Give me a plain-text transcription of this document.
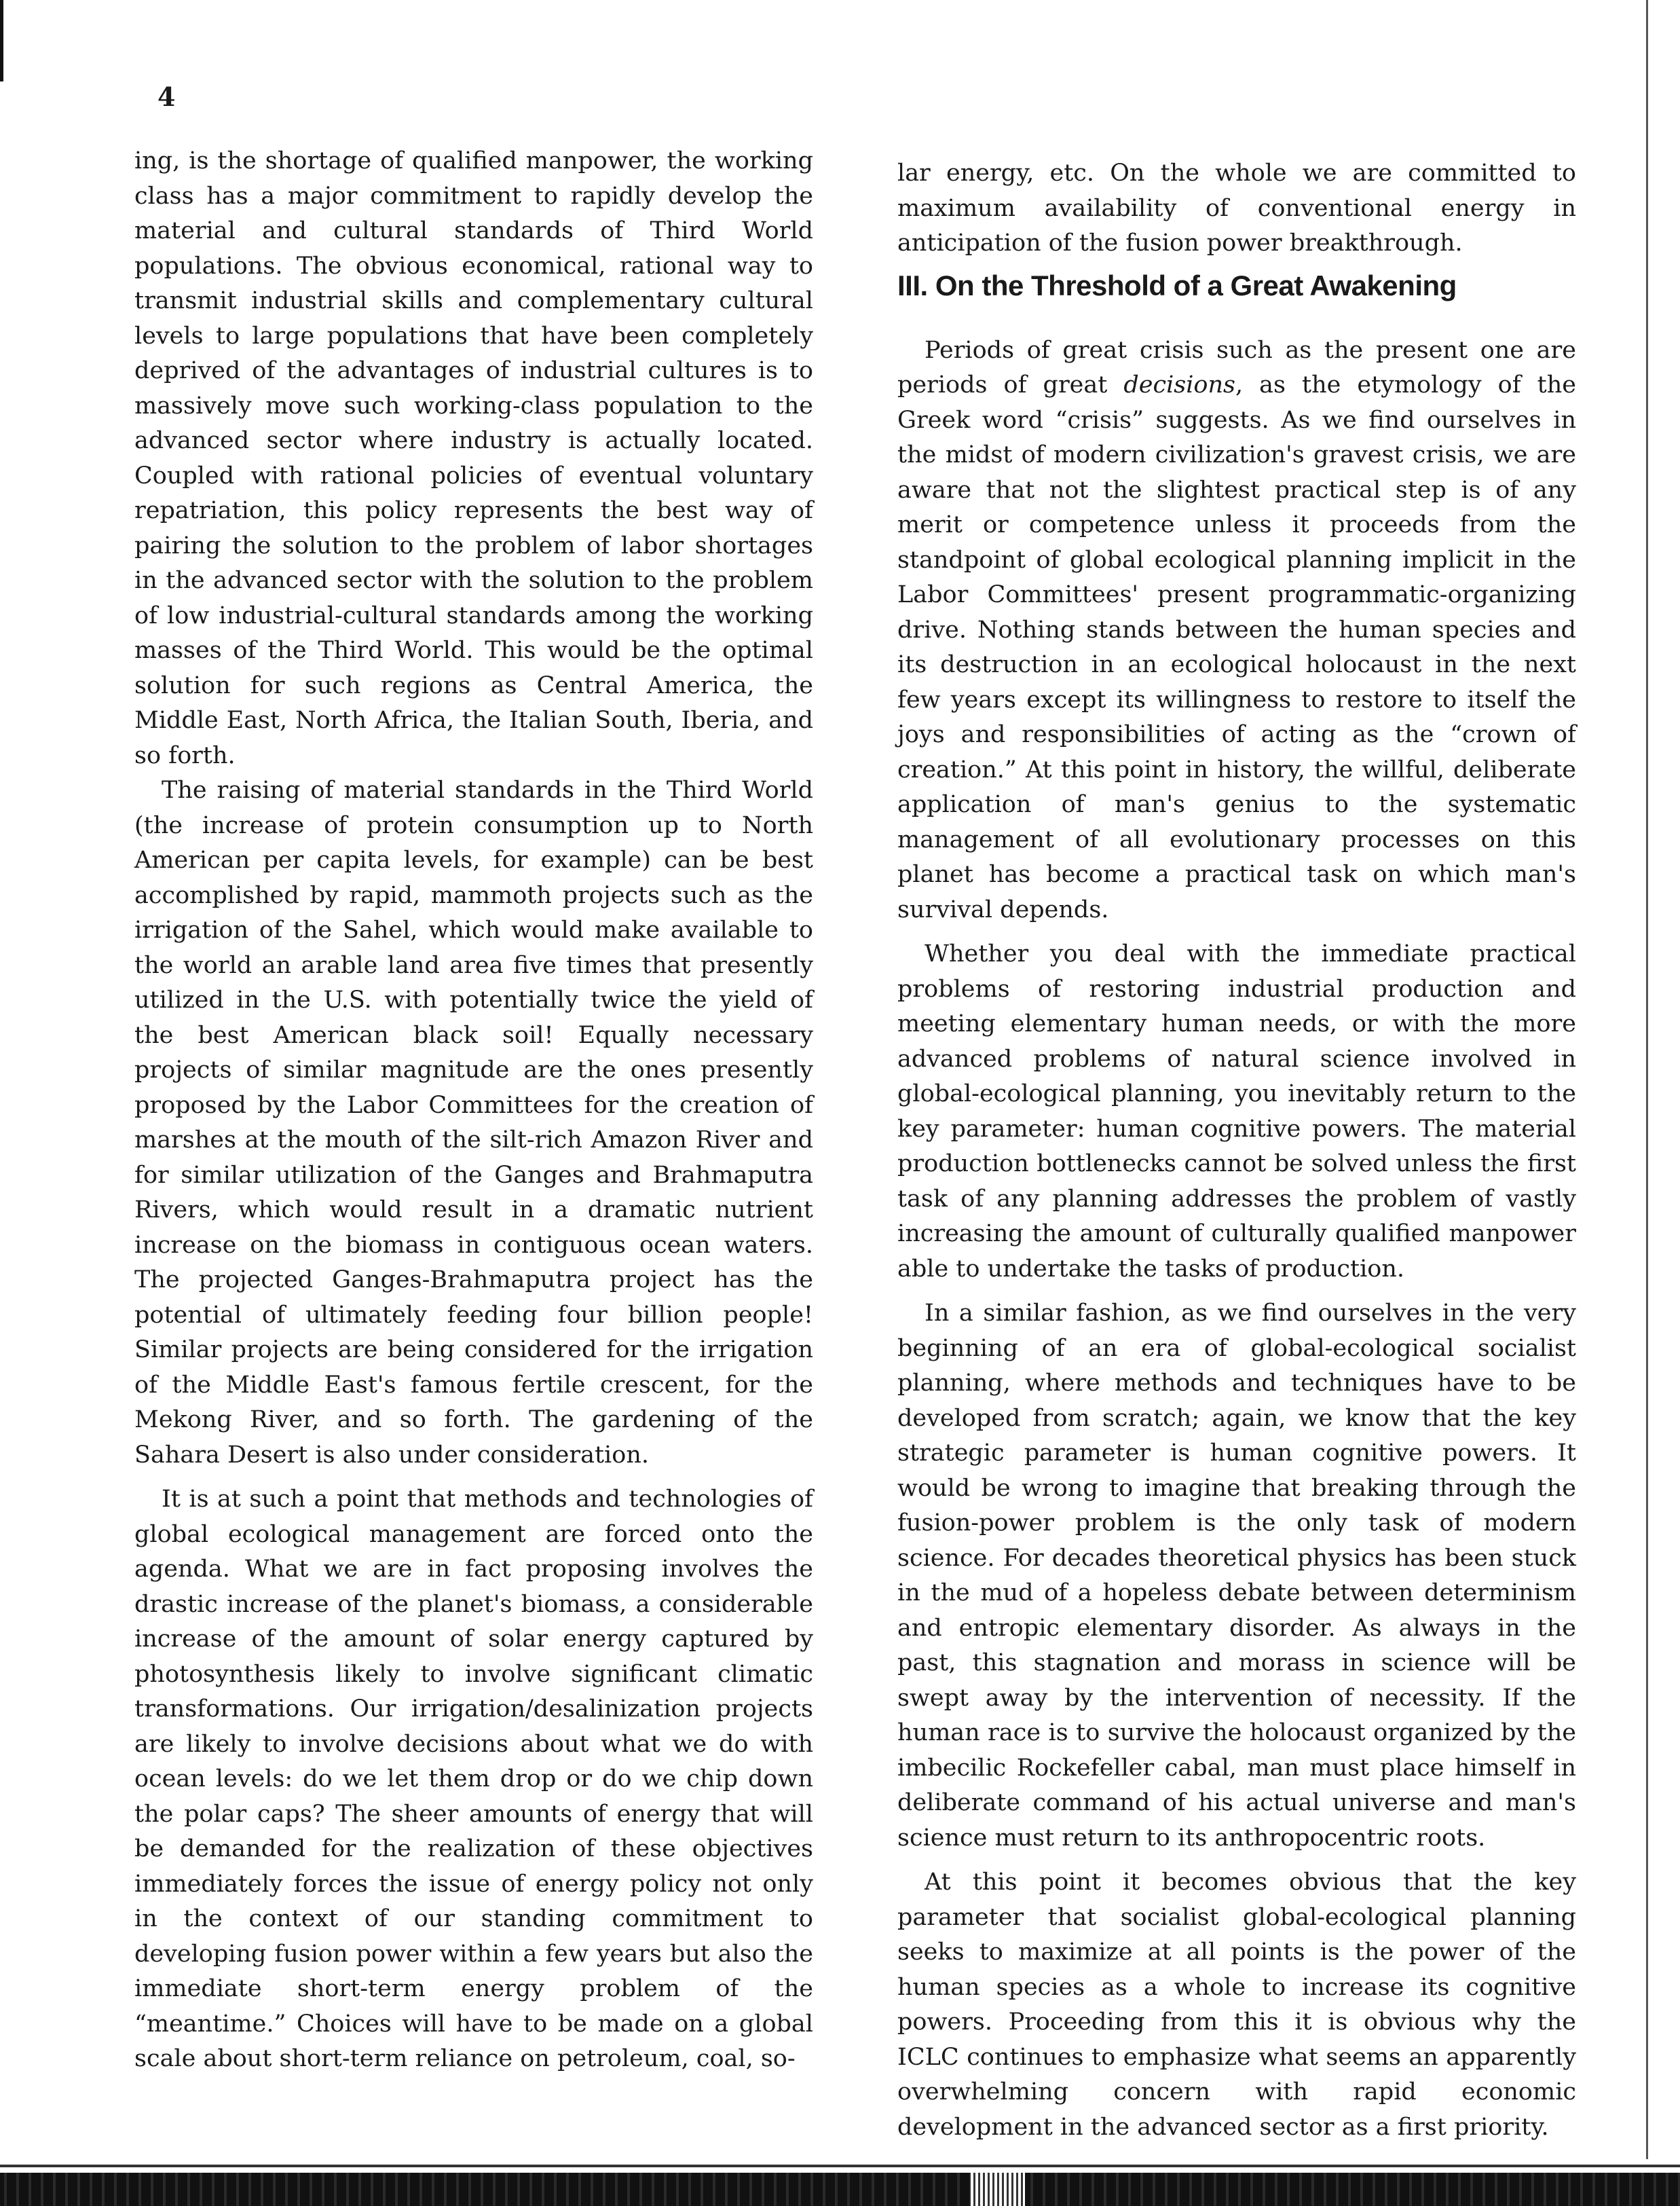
4

ing, is the shortage of qualified manpower, the working class has a major commitment to rapidly develop the material and cultural standards of Third World populations. The obvious economical, rational way to transmit industrial skills and complementary cultural levels to large populations that have been completely deprived of the advantages of industrial cultures is to massively move such working-class population to the advanced sector where industry is actually located. Coupled with rational policies of eventual voluntary repatriation, this policy represents the best way of pairing the solution to the problem of labor shortages in the advanced sector with the solution to the problem of low industrial-cultural standards among the working masses of the Third World. This would be the optimal solution for such regions as Central America, the Middle East, North Africa, the Italian South, Iberia, and so forth.

The raising of material standards in the Third World (the increase of protein consumption up to North American per capita levels, for example) can be best accomplished by rapid, mammoth projects such as the irrigation of the Sahel, which would make available to the world an arable land area five times that presently utilized in the U.S. with potentially twice the yield of the best American black soil! Equally necessary projects of similar magnitude are the ones presently proposed by the Labor Committees for the creation of marshes at the mouth of the silt-rich Amazon River and for similar utilization of the Ganges and Brahmaputra Rivers, which would result in a dramatic nutrient increase on the biomass in contiguous ocean waters. The projected Ganges-Brahmaputra project has the potential of ultimately feeding four billion people! Similar projects are being considered for the irrigation of the Middle East's famous fertile crescent, for the Mekong River, and so forth. The gardening of the Sahara Desert is also under consideration.

It is at such a point that methods and technologies of global ecological management are forced onto the agenda. What we are in fact proposing involves the drastic increase of the planet's biomass, a considerable increase of the amount of solar energy captured by photosynthesis likely to involve significant climatic transformations. Our irrigation/desalinization projects are likely to involve decisions about what we do with ocean levels: do we let them drop or do we chip down the polar caps? The sheer amounts of energy that will be demanded for the realization of these objectives immediately forces the issue of energy policy not only in the context of our standing commitment to developing fusion power within a few years but also the immediate short-term energy problem of the “meantime.” Choices will have to be made on a global scale about short-term reliance on petroleum, coal, so-

lar energy, etc. On the whole we are committed to maximum availability of conventional energy in anticipation of the fusion power breakthrough.

III. On the Threshold of a Great Awakening

Periods of great crisis such as the present one are periods of great decisions, as the etymology of the Greek word “crisis” suggests. As we find ourselves in the midst of modern civilization's gravest crisis, we are aware that not the slightest practical step is of any merit or competence unless it proceeds from the standpoint of global ecological planning implicit in the Labor Committees' present programmatic-organizing drive. Nothing stands between the human species and its destruction in an ecological holocaust in the next few years except its willingness to restore to itself the joys and responsibilities of acting as the “crown of creation.” At this point in history, the willful, deliberate application of man's genius to the systematic management of all evolutionary processes on this planet has become a practical task on which man's survival depends.

Whether you deal with the immediate practical problems of restoring industrial production and meeting elementary human needs, or with the more advanced problems of natural science involved in global-ecological planning, you inevitably return to the key parameter: human cognitive powers. The material production bottlenecks cannot be solved unless the first task of any planning addresses the problem of vastly increasing the amount of culturally qualified manpower able to undertake the tasks of production.

In a similar fashion, as we find ourselves in the very beginning of an era of global-ecological socialist planning, where methods and techniques have to be developed from scratch; again, we know that the key strategic parameter is human cognitive powers. It would be wrong to imagine that breaking through the fusion-power problem is the only task of modern science. For decades theoretical physics has been stuck in the mud of a hopeless debate between determinism and entropic elementary disorder. As always in the past, this stagnation and morass in science will be swept away by the intervention of necessity. If the human race is to survive the holocaust organized by the imbecilic Rockefeller cabal, man must place himself in deliberate command of his actual universe and man's science must return to its anthropocentric roots.

At this point it becomes obvious that the key parameter that socialist global-ecological planning seeks to maximize at all points is the power of the human species as a whole to increase its cognitive powers. Proceeding from this it is obvious why the ICLC continues to emphasize what seems an apparently overwhelming concern with rapid economic development in the advanced sector as a first priority.
